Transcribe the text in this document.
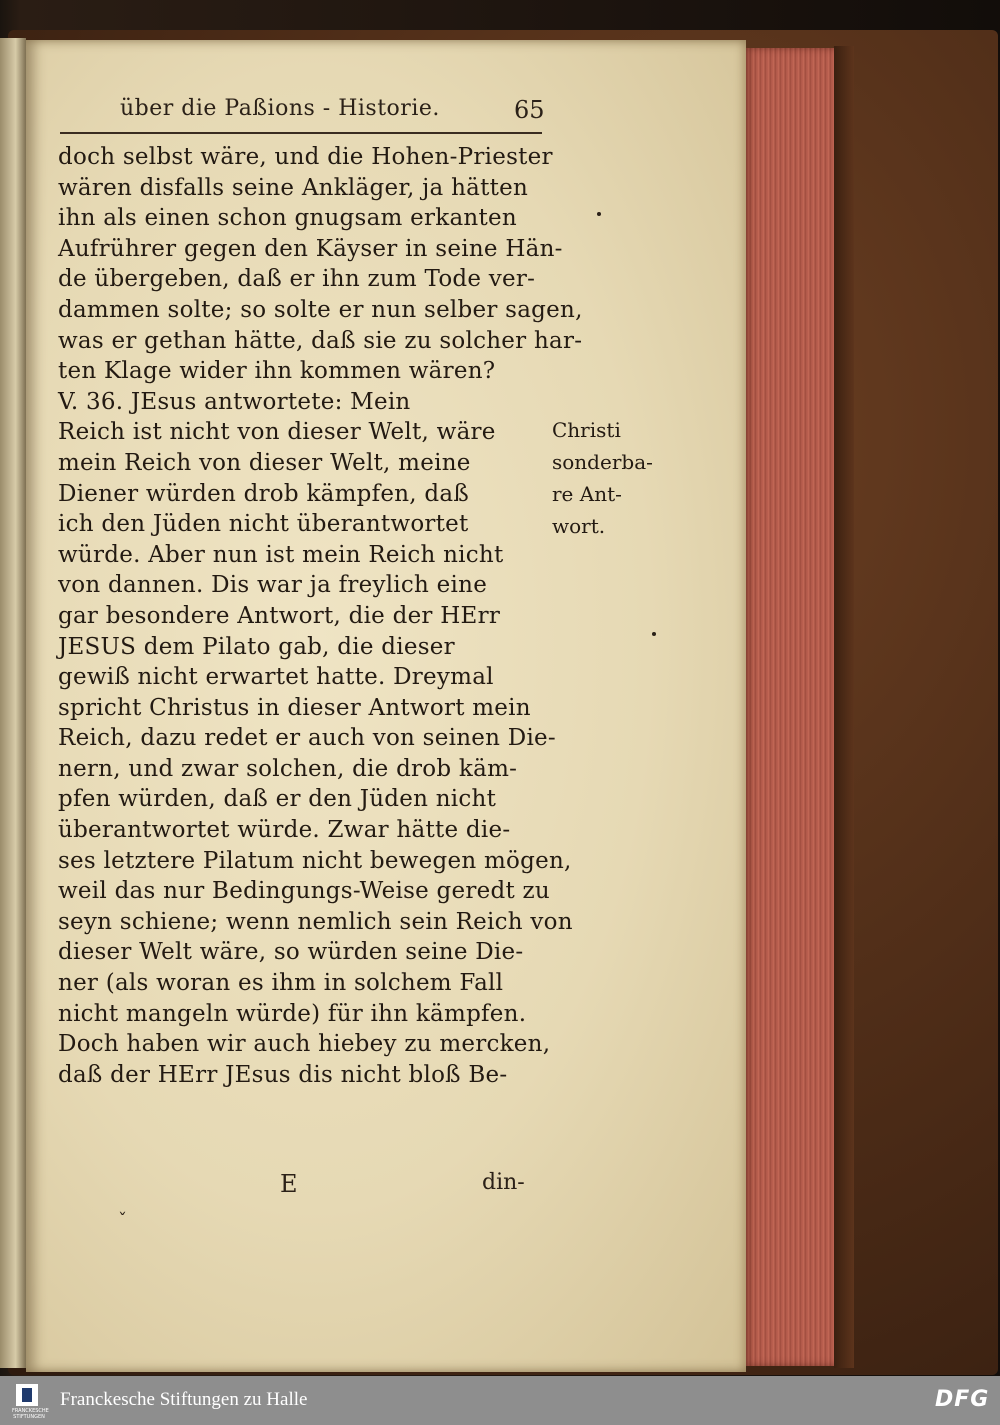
über die Paßions - Historie.	65
doch selbst wäre, und die Hohen-Priester
wären disfalls seine Ankläger, ja hätten
ihn als einen schon gnugsam erkanten
Aufrührer gegen den Käyser in seine Hän-
de übergeben, daß er ihn zum Tode ver-
dammen solte; so solte er nun selber sagen,
was er gethan hätte, daß sie zu solcher har-
ten Klage wider ihn kommen wären?
V. 36. JEsus antwortete: Mein
Reich ist nicht von dieser Welt, wäre
mein Reich von dieser Welt, meine
Diener würden drob kämpfen, daß
ich den Jüden nicht überantwortet
würde. Aber nun ist mein Reich nicht
von dannen. Dis war ja freylich eine
gar besondere Antwort, die der HErr
JESUS dem Pilato gab, die dieser
gewiß nicht erwartet hatte. Dreymal
spricht Christus in dieser Antwort mein
Reich, dazu redet er auch von seinen Die-
nern, und zwar solchen, die drob käm-
pfen würden, daß er den Jüden nicht
überantwortet würde. Zwar hätte die-
ses letztere Pilatum nicht bewegen mögen,
weil das nur Bedingungs-Weise geredt zu
seyn schiene; wenn nemlich sein Reich von
dieser Welt wäre, so würden seine Die-
ner (als woran es ihm in solchem Fall
nicht mangeln würde) für ihn kämpfen.
Doch haben wir auch hiebey zu mercken,
daß der HErr JEsus dis nicht bloß Be-
Christi
sonderba-
re Ant-
wort.
E	din-
ˇ
FRANCKESCHE
STIFTUNGEN
Franckesche Stiftungen zu Halle	DFG
